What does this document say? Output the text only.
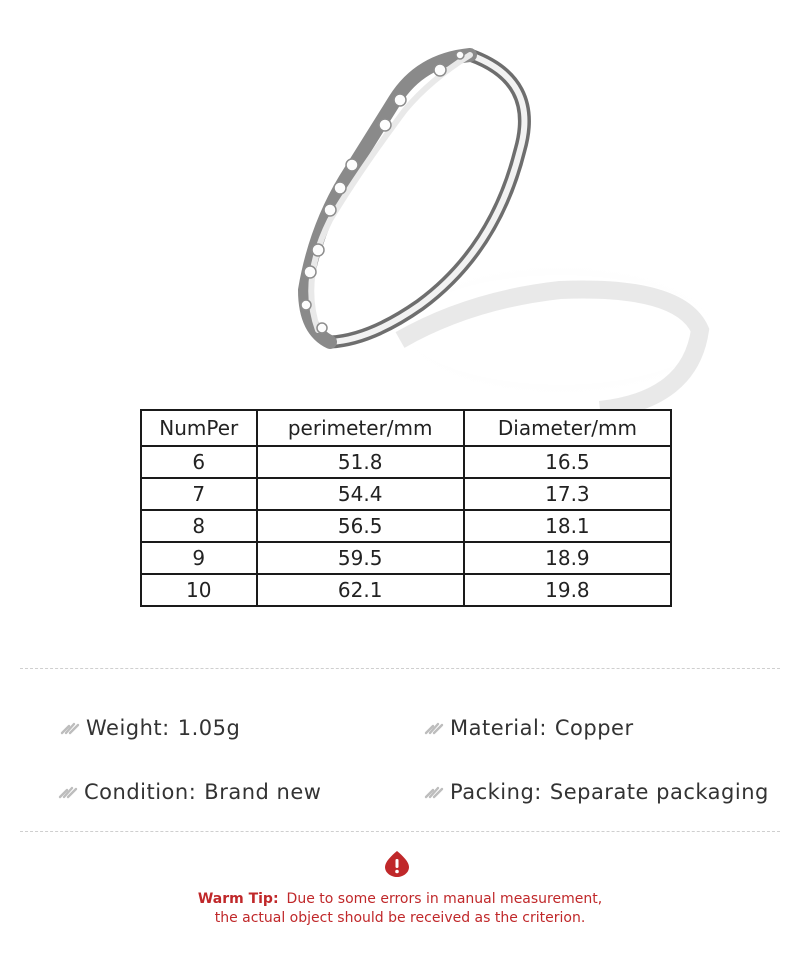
NumPer	perimeter/mm	Diameter/mm
6	51.8	16.5
7	54.4	17.3
8	56.5	18.1
9	59.5	18.9
10	62.1	19.8
Weight: 1.05g	Material: Copper
Condition: Brand new	Packing: Separate packaging
Warm Tip: Due to some errors in manual measurement,
the actual object should be received as the criterion.
